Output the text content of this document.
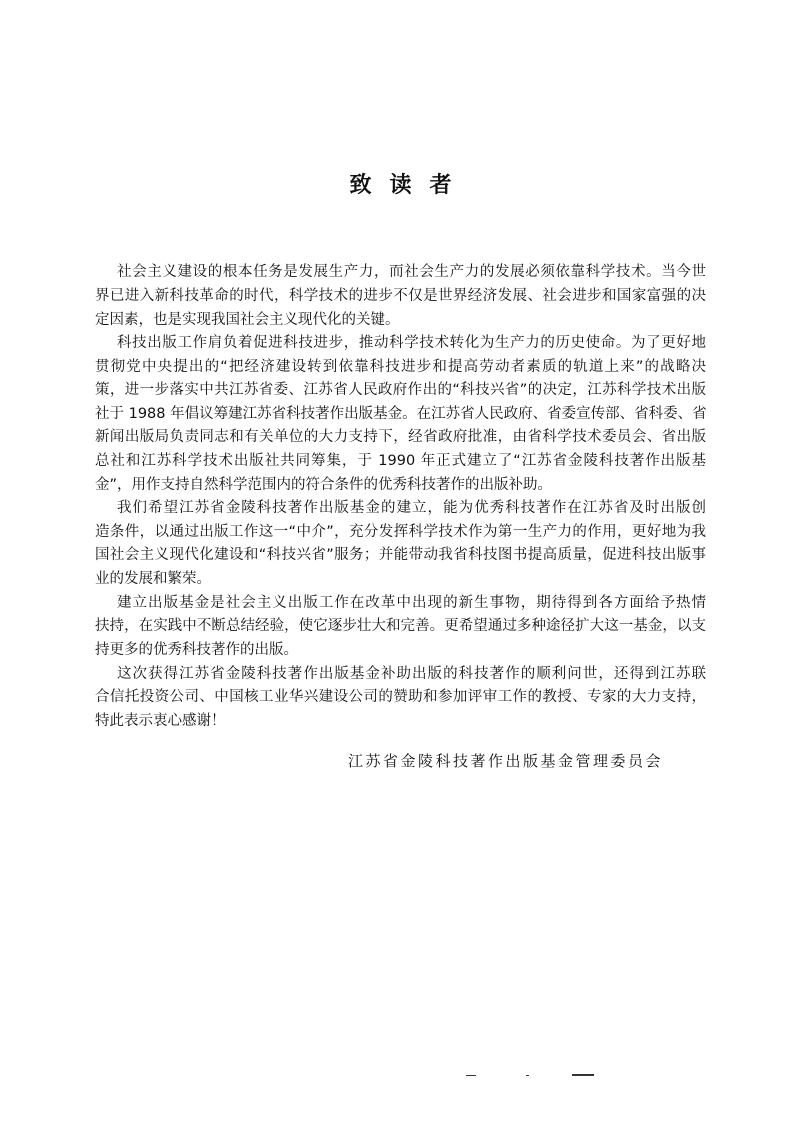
致读者
社会主义建设的根本任务是发展生产力，而社会生产力的发展必须依靠科学技术。当今世
界已进入新科技革命的时代，科学技术的进步不仅是世界经济发展、社会进步和国家富强的决
定因素，也是实现我国社会主义现代化的关键。
科技出版工作肩负着促进科技进步，推动科学技术转化为生产力的历史使命。为了更好地
贯彻党中央提出的“把经济建设转到依靠科技进步和提高劳动者素质的轨道上来”的战略决
策，进一步落实中共江苏省委、江苏省人民政府作出的“科技兴省”的决定，江苏科学技术出版
社于 1988 年倡议筹建江苏省科技著作出版基金。在江苏省人民政府、省委宣传部、省科委、省
新闻出版局负责同志和有关单位的大力支持下，经省政府批准，由省科学技术委员会、省出版
总社和江苏科学技术出版社共同筹集，于 1990 年正式建立了“江苏省金陵科技著作出版基
金”，用作支持自然科学范围内的符合条件的优秀科技著作的出版补助。
我们希望江苏省金陵科技著作出版基金的建立，能为优秀科技著作在江苏省及时出版创
造条件，以通过出版工作这一“中介”，充分发挥科学技术作为第一生产力的作用，更好地为我
国社会主义现代化建设和“科技兴省”服务；并能带动我省科技图书提高质量，促进科技出版事
业的发展和繁荣。
建立出版基金是社会主义出版工作在改革中出现的新生事物，期待得到各方面给予热情
扶持，在实践中不断总结经验，使它逐步壮大和完善。更希望通过多种途径扩大这一基金，以支
持更多的优秀科技著作的出版。
这次获得江苏省金陵科技著作出版基金补助出版的科技著作的顺利问世，还得到江苏联
合信托投资公司、中国核工业华兴建设公司的赞助和参加评审工作的教授、专家的大力支持，
特此表示衷心感谢！
江苏省金陵科技著作出版基金管理委员会
